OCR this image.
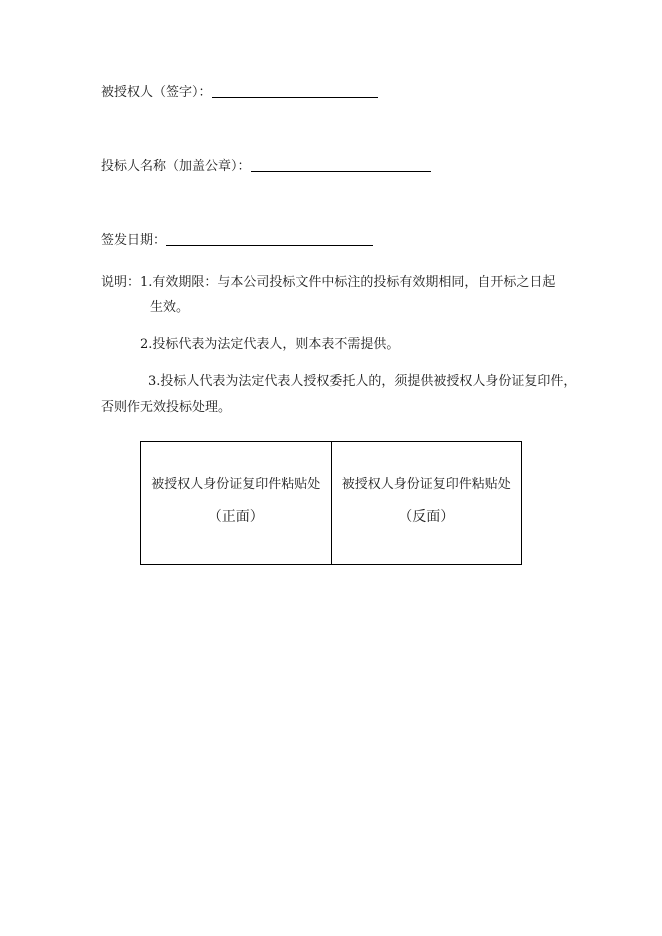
被授权人（签字）：
投标人名称（加盖公章）：
签发日期：
说明：1.有效期限：与本公司投标文件中标注的投标有效期相同，自开标之日起
生效。
2.投标代表为法定代表人，则本表不需提供。
3.投标人代表为法定代表人授权委托人的，须提供被授权人身份证复印件，
否则作无效投标处理。
被授权人身份证复印件粘贴处
（正面）
被授权人身份证复印件粘贴处
（反面）
